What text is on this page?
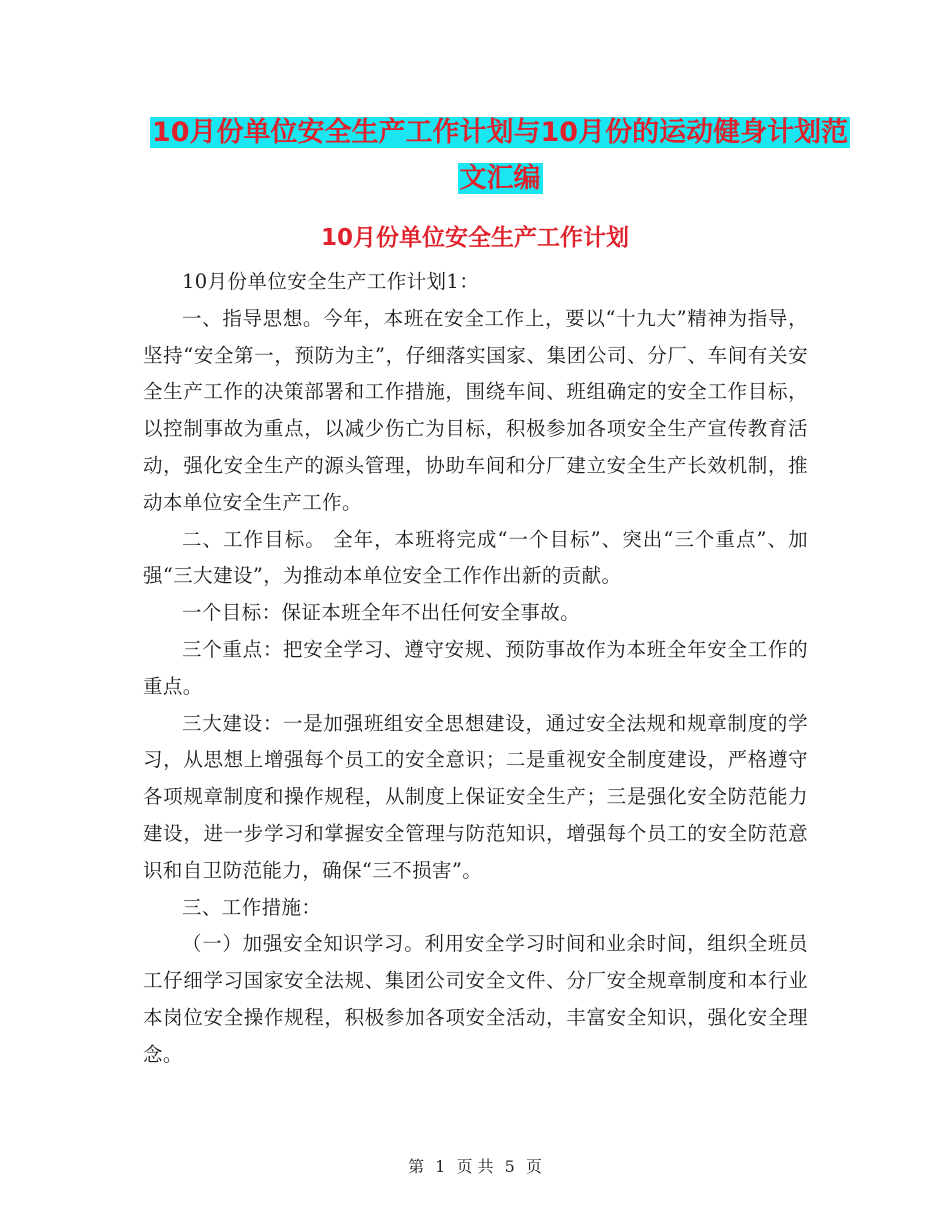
10月份单位安全生产工作计划与10月份的运动健身计划范文汇编
10月份单位安全生产工作计划

10月份单位安全生产工作计划1：

一、指导思想。今年，本班在安全工作上，要以“十九大”精神为指导，坚持“安全第一，预防为主”，仔细落实国家、集团公司、分厂、车间有关安全生产工作的决策部署和工作措施，围绕车间、班组确定的安全工作目标，以控制事故为重点，以减少伤亡为目标，积极参加各项安全生产宣传教育活动，强化安全生产的源头管理，协助车间和分厂建立安全生产长效机制，推动本单位安全生产工作。

二、工作目标。 全年，本班将完成“一个目标”、突出“三个重点”、加强“三大建设”，为推动本单位安全工作作出新的贡献。

一个目标：保证本班全年不出任何安全事故。

三个重点：把安全学习、遵守安规、预防事故作为本班全年安全工作的重点。

三大建设：一是加强班组安全思想建设，通过安全法规和规章制度的学习，从思想上增强每个员工的安全意识；二是重视安全制度建设，严格遵守各项规章制度和操作规程，从制度上保证安全生产；三是强化安全防范能力建设，进一步学习和掌握安全管理与防范知识，增强每个员工的安全防范意识和自卫防范能力，确保“三不损害”。

三、工作措施：

（一）加强安全知识学习。利用安全学习时间和业余时间，组织全班员工仔细学习国家安全法规、集团公司安全文件、分厂安全规章制度和本行业本岗位安全操作规程，积极参加各项安全活动，丰富安全知识，强化安全理念。

第 1 页 共 5 页
